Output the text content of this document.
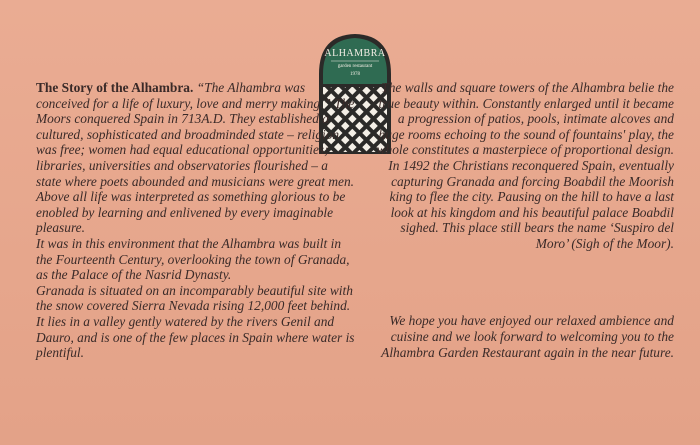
ALHAMBRA
garden restaurant
1978

The Story of the Alhambra. “The Alhambra was conceived for a life of luxury, love and merry making.” The Moors conquered Spain in 713A.D. They established a cultured, sophisticated and broadminded state – religion was free; women had equal educational opportunities; libraries, universities and observatories flourished – a state where poets abounded and musicians were great men. Above all life was interpreted as something glorious to be enobled by learning and enlivened by every imaginable pleasure.

It was in this environment that the Alhambra was built in the Fourteenth Century, overlooking the town of Granada, as the Palace of the Nasrid Dynasty.

Granada is situated on an incomparably beautiful site with the snow covered Sierra Nevada rising 12,000 feet behind. It lies in a valley gently watered by the rivers Genil and Dauro, and is one of the few places in Spain where water is plentiful.

The walls and square towers of the Alhambra belie the true beauty within. Constantly enlarged until it became a progression of patios, pools, intimate alcoves and huge rooms echoing to the sound of fountains' play, the whole constitutes a masterpiece of proportional design.

In 1492 the Christians reconquered Spain, eventually capturing Granada and forcing Boabdil the Moorish king to flee the city. Pausing on the hill to have a last look at his kingdom and his beautiful palace Boabdil sighed. This place still bears the name ‘Suspiro del Moro’ (Sigh of the Moor).

We hope you have enjoyed our relaxed ambience and cuisine and we look forward to welcoming you to the Alhambra Garden Restaurant again in the near future.
